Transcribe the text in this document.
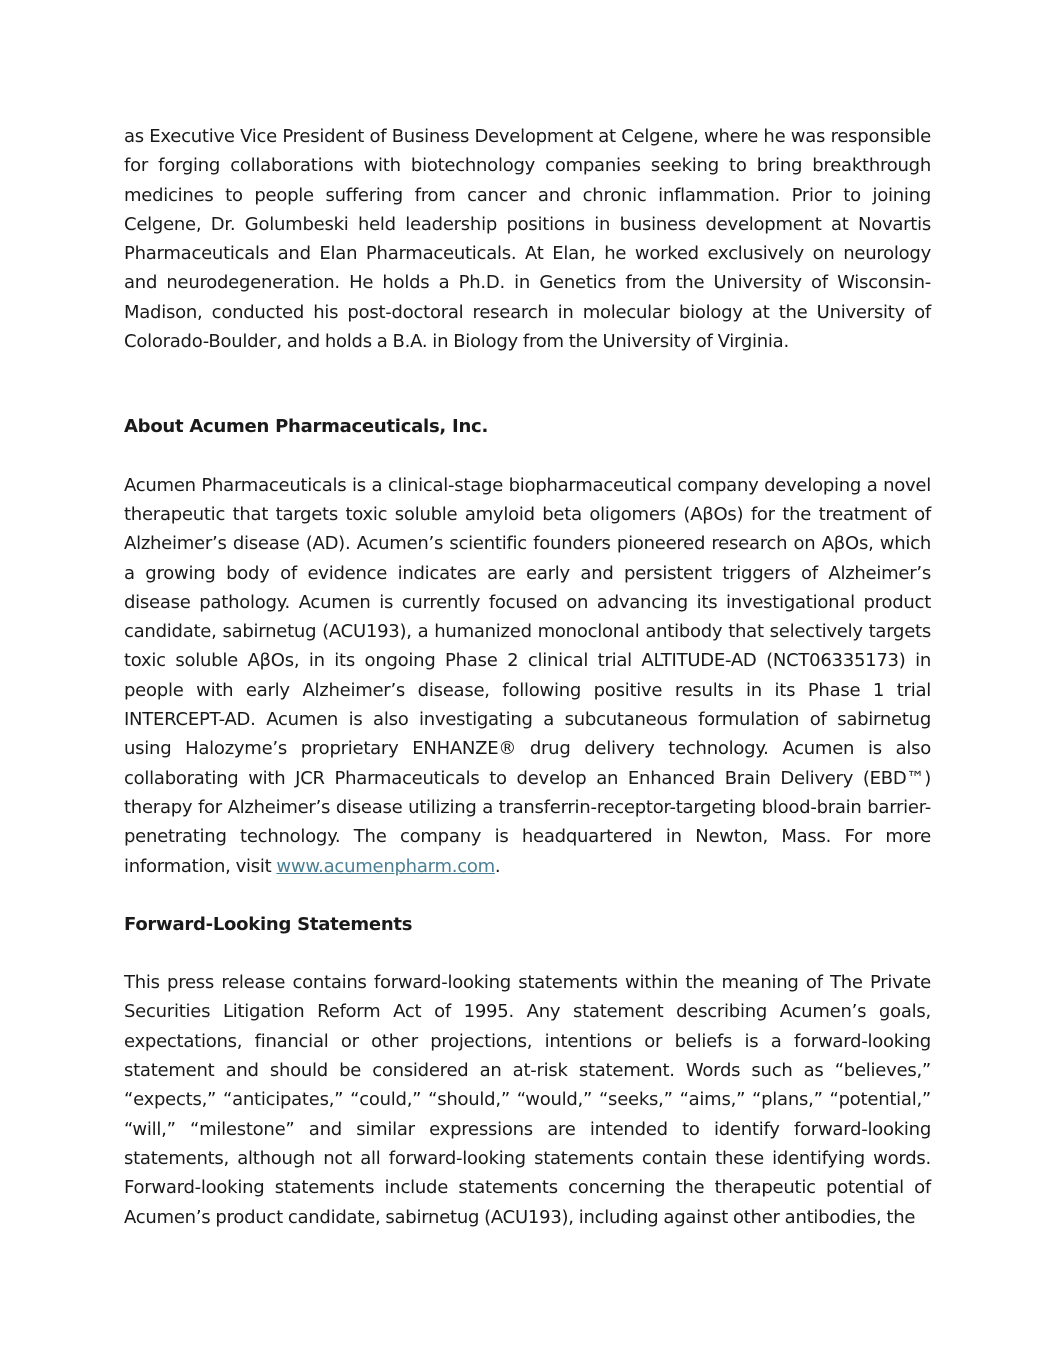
as Executive Vice President of Business Development at Celgene, where he was responsible for forging collaborations with biotechnology companies seeking to bring breakthrough medicines to people suffering from cancer and chronic inflammation. Prior to joining Celgene, Dr. Golumbeski held leadership positions in business development at Novartis Pharmaceuticals and Elan Pharmaceuticals. At Elan, he worked exclusively on neurology and neurodegeneration. He holds a Ph.D. in Genetics from the University of Wisconsin-Madison, conducted his post-doctoral research in molecular biology at the University of Colorado-Boulder, and holds a B.A. in Biology from the University of Virginia.

About Acumen Pharmaceuticals, Inc.

Acumen Pharmaceuticals is a clinical-stage biopharmaceutical company developing a novel therapeutic that targets toxic soluble amyloid beta oligomers (AβOs) for the treatment of Alzheimer’s disease (AD). Acumen’s scientific founders pioneered research on AβOs, which a growing body of evidence indicates are early and persistent triggers of Alzheimer’s disease pathology. Acumen is currently focused on advancing its investigational product candidate, sabirnetug (ACU193), a humanized monoclonal antibody that selectively targets toxic soluble AβOs, in its ongoing Phase 2 clinical trial ALTITUDE-AD (NCT06335173) in people with early Alzheimer’s disease, following positive results in its Phase 1 trial INTERCEPT-AD. Acumen is also investigating a subcutaneous formulation of sabirnetug using Halozyme’s proprietary ENHANZE® drug delivery technology. Acumen is also collaborating with JCR Pharmaceuticals to develop an Enhanced Brain Delivery (EBD™) therapy for Alzheimer’s disease utilizing a transferrin-receptor-targeting blood-brain barrier-penetrating technology. The company is headquartered in Newton, Mass. For more information, visit www.acumenpharm.com.

Forward-Looking Statements

This press release contains forward-looking statements within the meaning of The Private Securities Litigation Reform Act of 1995. Any statement describing Acumen’s goals, expectations, financial or other projections, intentions or beliefs is a forward-looking statement and should be considered an at-risk statement. Words such as “believes,” “expects,” “anticipates,” “could,” “should,” “would,” “seeks,” “aims,” “plans,” “potential,” “will,” “milestone” and similar expressions are intended to identify forward-looking statements, although not all forward-looking statements contain these identifying words. Forward-looking statements include statements concerning the therapeutic potential of Acumen’s product candidate, sabirnetug (ACU193), including against other antibodies, the
